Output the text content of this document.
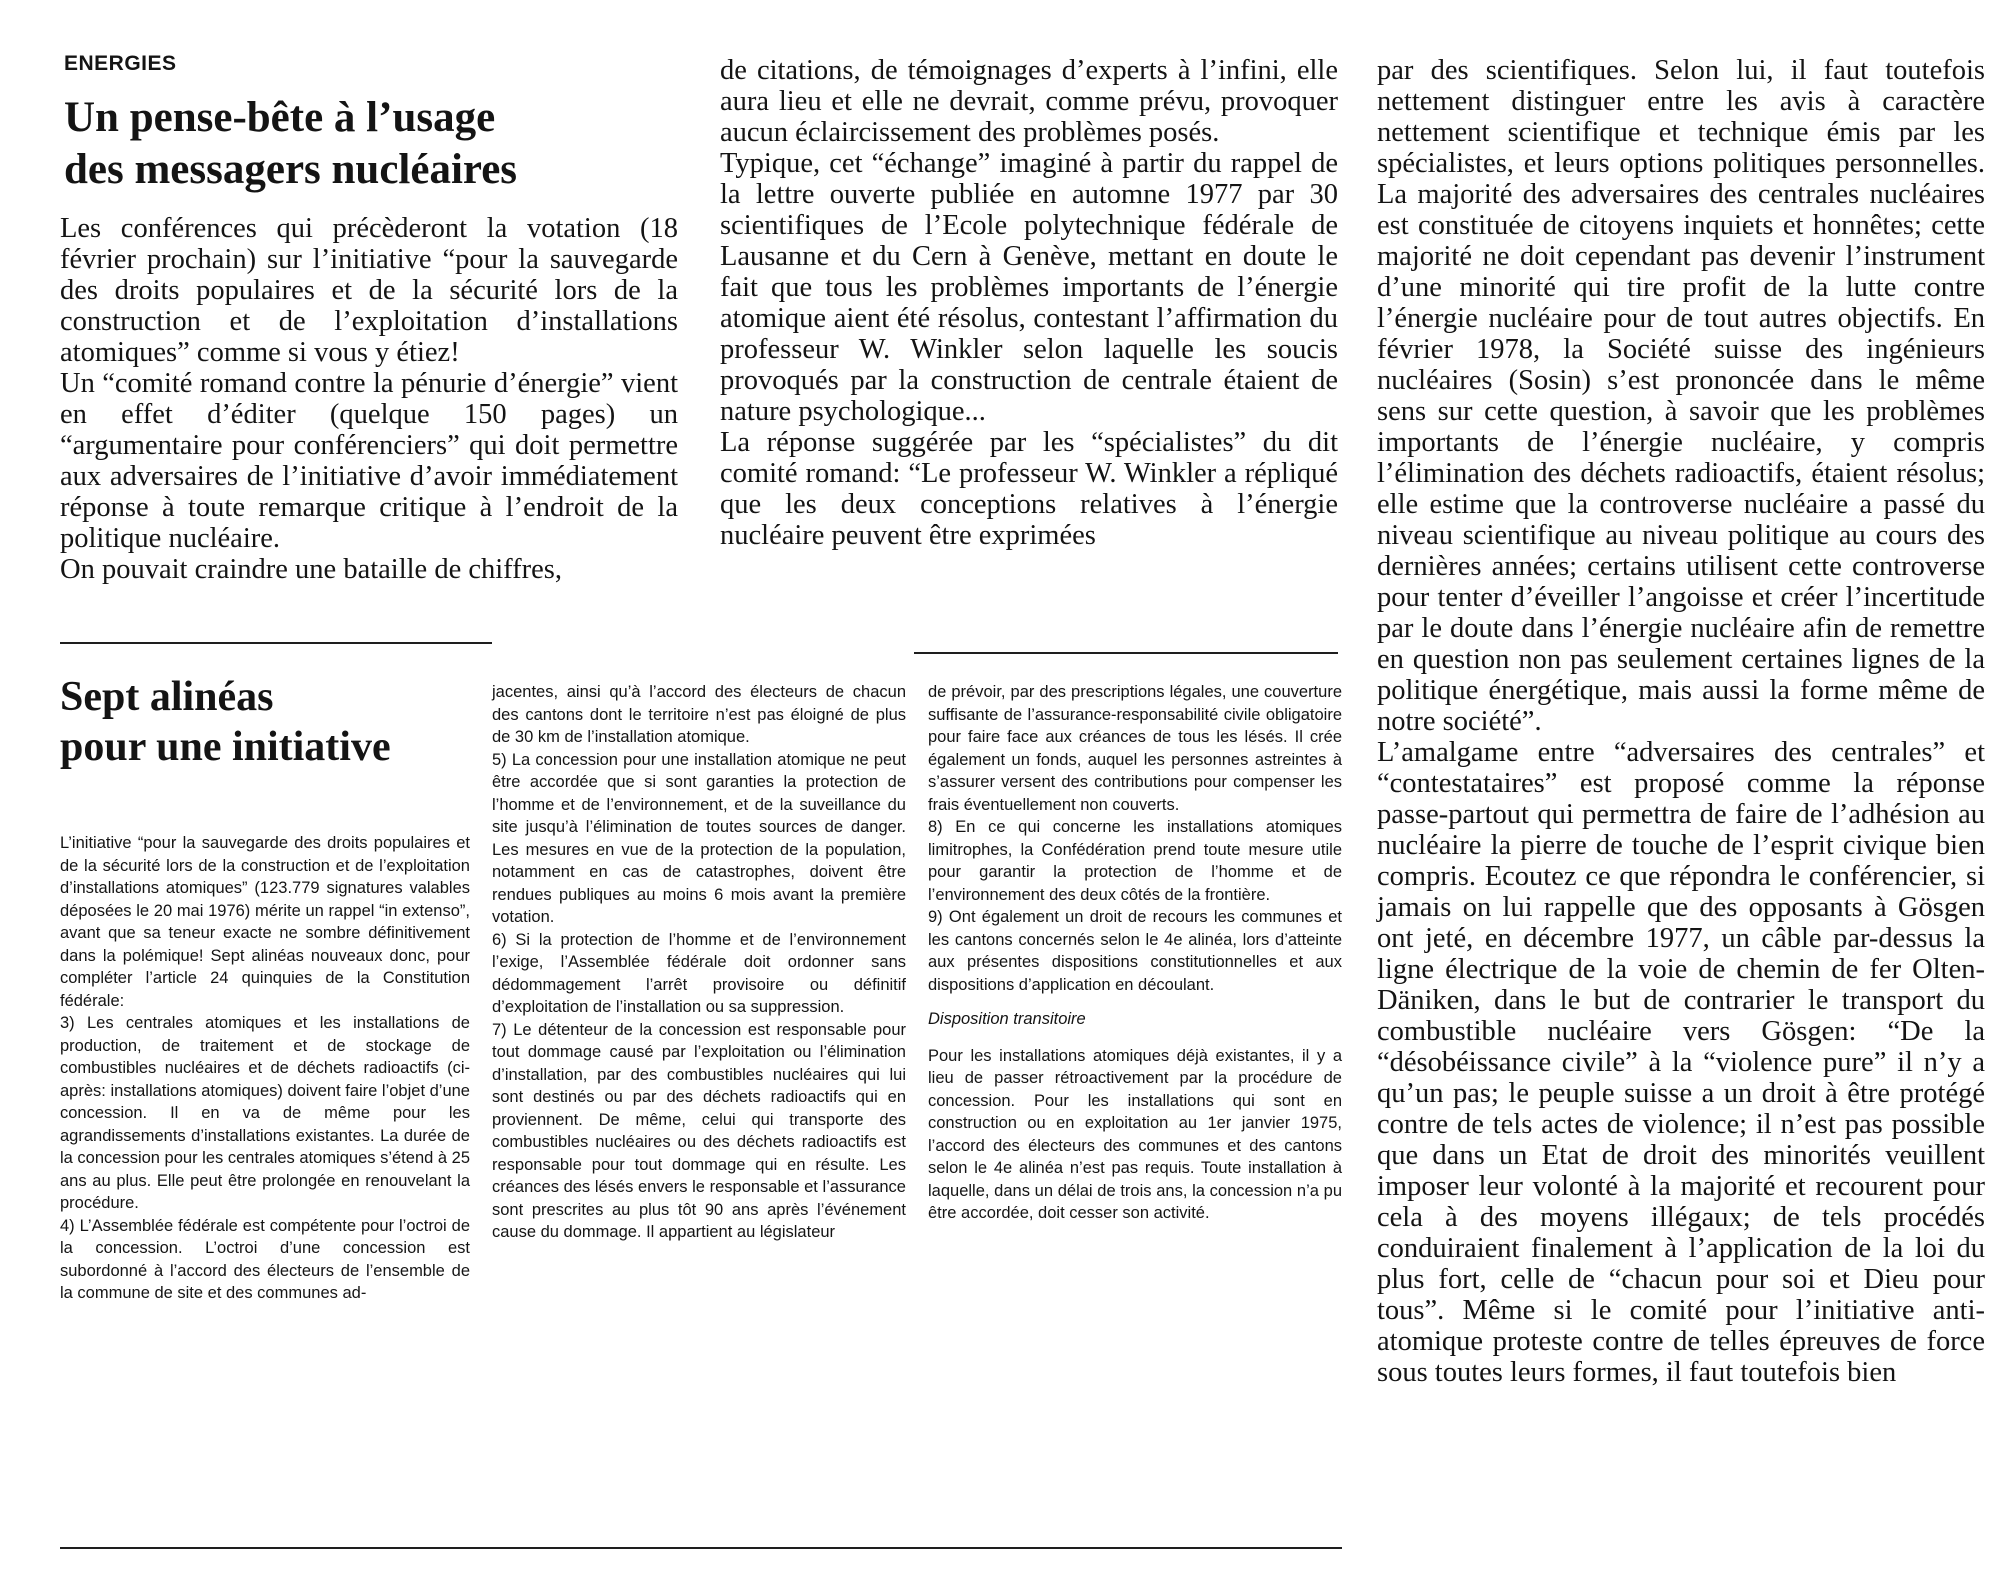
ENERGIES
Un pense-bête à l’usage
des messagers nucléaires

Les conférences qui précèderont la votation (18 février prochain) sur l’initiative “pour la sauvegarde des droits populaires et de la sécurité lors de la construction et de l’exploitation d’installations atomiques” comme si vous y étiez!

Un “comité romand contre la pénurie d’énergie” vient en effet d’éditer (quelque 150 pages) un “argumentaire pour conférenciers” qui doit permettre aux adversaires de l’initiative d’avoir immédiatement réponse à toute remarque critique à l’endroit de la politique nucléaire.

On pouvait craindre une bataille de chiffres,

de citations, de témoignages d’experts à l’infini, elle aura lieu et elle ne devrait, comme prévu, provoquer aucun éclaircissement des problèmes posés.

Typique, cet “échange” imaginé à partir du rappel de la lettre ouverte publiée en automne 1977 par 30 scientifiques de l’Ecole polytechnique fédérale de Lausanne et du Cern à Genève, mettant en doute le fait que tous les problèmes importants de l’énergie atomique aient été résolus, contestant l’affirmation du professeur W. Winkler selon laquelle les soucis provoqués par la construction de centrale étaient de nature psychologique...

La réponse suggérée par les “spécialistes” du dit comité romand: “Le professeur W. Winkler a répliqué que les deux conceptions relatives à l’énergie nucléaire peuvent être exprimées

par des scientifiques. Selon lui, il faut toutefois nettement distinguer entre les avis à caractère nettement scientifique et technique émis par les spécialistes, et leurs options politiques personnelles. La majorité des adversaires des centrales nucléaires est constituée de citoyens inquiets et honnêtes; cette majorité ne doit cependant pas devenir l’instrument d’une minorité qui tire profit de la lutte contre l’énergie nucléaire pour de tout autres objectifs. En février 1978, la Société suisse des ingénieurs nucléaires (Sosin) s’est prononcée dans le même sens sur cette question, à savoir que les problèmes importants de l’énergie nucléaire, y compris l’élimination des déchets radioactifs, étaient résolus; elle estime que la controverse nucléaire a passé du niveau scientifique au niveau politique au cours des dernières années; certains utilisent cette controverse pour tenter d’éveiller l’angoisse et créer l’incertitude par le doute dans l’énergie nucléaire afin de remettre en question non pas seulement certaines lignes de la politique énergétique, mais aussi la forme même de notre société”.

L’amalgame entre “adversaires des centrales” et “contestataires” est proposé comme la réponse passe-partout qui permettra de faire de l’adhésion au nucléaire la pierre de touche de l’esprit civique bien compris. Ecoutez ce que répondra le conférencier, si jamais on lui rappelle que des opposants à Gösgen ont jeté, en décembre 1977, un câble par-dessus la ligne électrique de la voie de chemin de fer Olten-Däniken, dans le but de contrarier le transport du combustible nucléaire vers Gösgen: “De la “désobéissance civile” à la “violence pure” il n’y a qu’un pas; le peuple suisse a un droit à être protégé contre de tels actes de violence; il n’est pas possible que dans un Etat de droit des minorités veuillent imposer leur volonté à la majorité et recourent pour cela à des moyens illégaux; de tels procédés conduiraient finalement à l’application de la loi du plus fort, celle de “chacun pour soi et Dieu pour tous”. Même si le comité pour l’initiative anti-atomique proteste contre de telles épreuves de force sous toutes leurs formes, il faut toutefois bien

Sept alinéas
pour une initiative

L’initiative “pour la sauvegarde des droits populaires et de la sécurité lors de la construction et de l’exploitation d’installations atomiques” (123.779 signatures valables déposées le 20 mai 1976) mérite un rappel “in extenso”, avant que sa teneur exacte ne sombre définitivement dans la polémique! Sept alinéas nouveaux donc, pour compléter l’article 24 quinquies de la Constitution fédérale:

3) Les centrales atomiques et les installations de production, de traitement et de stockage de combustibles nucléaires et de déchets radioactifs (ci-après: installations atomiques) doivent faire l’objet d’une concession. Il en va de même pour les agrandissements d’installations existantes. La durée de la concession pour les centrales atomiques s’étend à 25 ans au plus. Elle peut être prolongée en renouvelant la procédure.

4) L’Assemblée fédérale est compétente pour l’octroi de la concession. L’octroi d’une concession est subordonné à l’accord des électeurs de l’ensemble de la commune de site et des communes ad-

jacentes, ainsi qu’à l’accord des électeurs de chacun des cantons dont le territoire n’est pas éloigné de plus de 30 km de l’installation atomique.

5) La concession pour une installation atomique ne peut être accordée que si sont garanties la protection de l’homme et de l’environnement, et de la suveillance du site jusqu’à l’élimination de toutes sources de danger. Les mesures en vue de la protection de la population, notamment en cas de catastrophes, doivent être rendues publiques au moins 6 mois avant la première votation.

6) Si la protection de l’homme et de l’environnement l’exige, l’Assemblée fédérale doit ordonner sans dédommagement l’arrêt provisoire ou définitif d’exploitation de l’installation ou sa suppression.

7) Le détenteur de la concession est responsable pour tout dommage causé par l’exploitation ou l’élimination d’installation, par des combustibles nucléaires qui lui sont destinés ou par des déchets radioactifs qui en proviennent. De même, celui qui transporte des combustibles nucléaires ou des déchets radioactifs est responsable pour tout dommage qui en résulte. Les créances des lésés envers le responsable et l’assurance sont prescrites au plus tôt 90 ans après l’événement cause du dommage. Il appartient au législateur

de prévoir, par des prescriptions légales, une couverture suffisante de l’assurance-responsabilité civile obligatoire pour faire face aux créances de tous les lésés. Il crée également un fonds, auquel les personnes astreintes à s’assurer versent des contributions pour compenser les frais éventuellement non couverts.

8) En ce qui concerne les installations atomiques limitrophes, la Confédération prend toute mesure utile pour garantir la protection de l’homme et de l’environnement des deux côtés de la frontière.

9) Ont également un droit de recours les communes et les cantons concernés selon le 4e alinéa, lors d’atteinte aux présentes dispositions constitutionnelles et aux dispositions d’application en découlant.

Disposition transitoire

Pour les installations atomiques déjà existantes, il y a lieu de passer rétroactivement par la procédure de concession. Pour les installations qui sont en construction ou en exploitation au 1er janvier 1975, l’accord des électeurs des communes et des cantons selon le 4e alinéa n’est pas requis. Toute installation à laquelle, dans un délai de trois ans, la concession n’a pu être accordée, doit cesser son activité.
